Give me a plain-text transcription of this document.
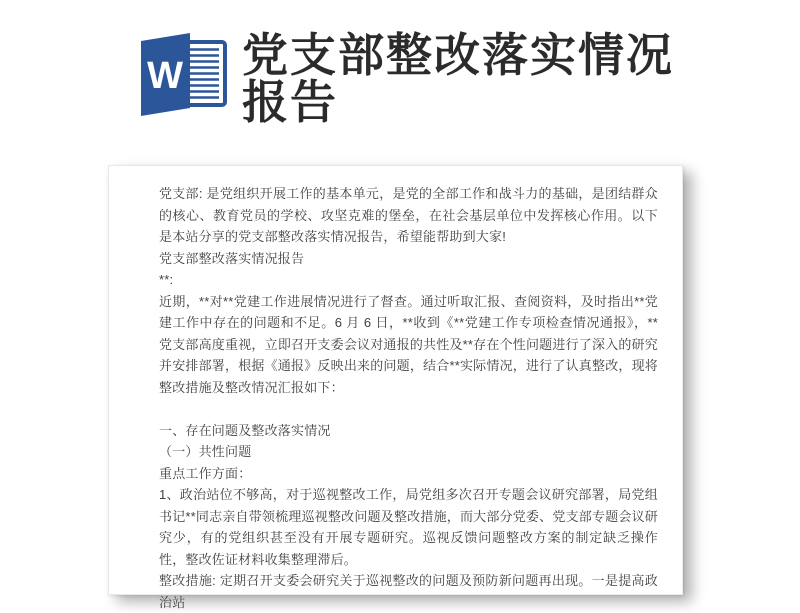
W 党支部整改落实情况报告

党支部: 是党组织开展工作的基本单元，是党的全部工作和战斗力的基础，是团结群众的核心、教育党员的学校、攻坚克难的堡垒，在社会基层单位中发挥核心作用。以下是本站分享的党支部整改落实情况报告，希望能帮助到大家!

党支部整改落实情况报告

**:

近期，**对**党建工作进展情况进行了督查。通过听取汇报、查阅资料，及时指出**党建工作中存在的问题和不足。6 月 6 日，**收到《**党建工作专项检查情况通报》，**党支部高度重视，立即召开支委会议对通报的共性及**存在个性问题进行了深入的研究并安排部署，根据《通报》反映出来的问题，结合**实际情况，进行了认真整改，现将整改措施及整改情况汇报如下：

一、存在问题及整改落实情况

（一）共性问题

重点工作方面：

1、政治站位不够高，对于巡视整改工作，局党组多次召开专题会议研究部署，局党组书记**同志亲自带领梳理巡视整改问题及整改措施，而大部分党委、党支部专题会议研究少，有的党组织甚至没有开展专题研究。巡视反馈问题整改方案的制定缺乏操作性，整改佐证材料收集整理滞后。

整改措施: 定期召开支委会研究关于巡视整改的问题及预防新问题再出现。一是提高政治站
